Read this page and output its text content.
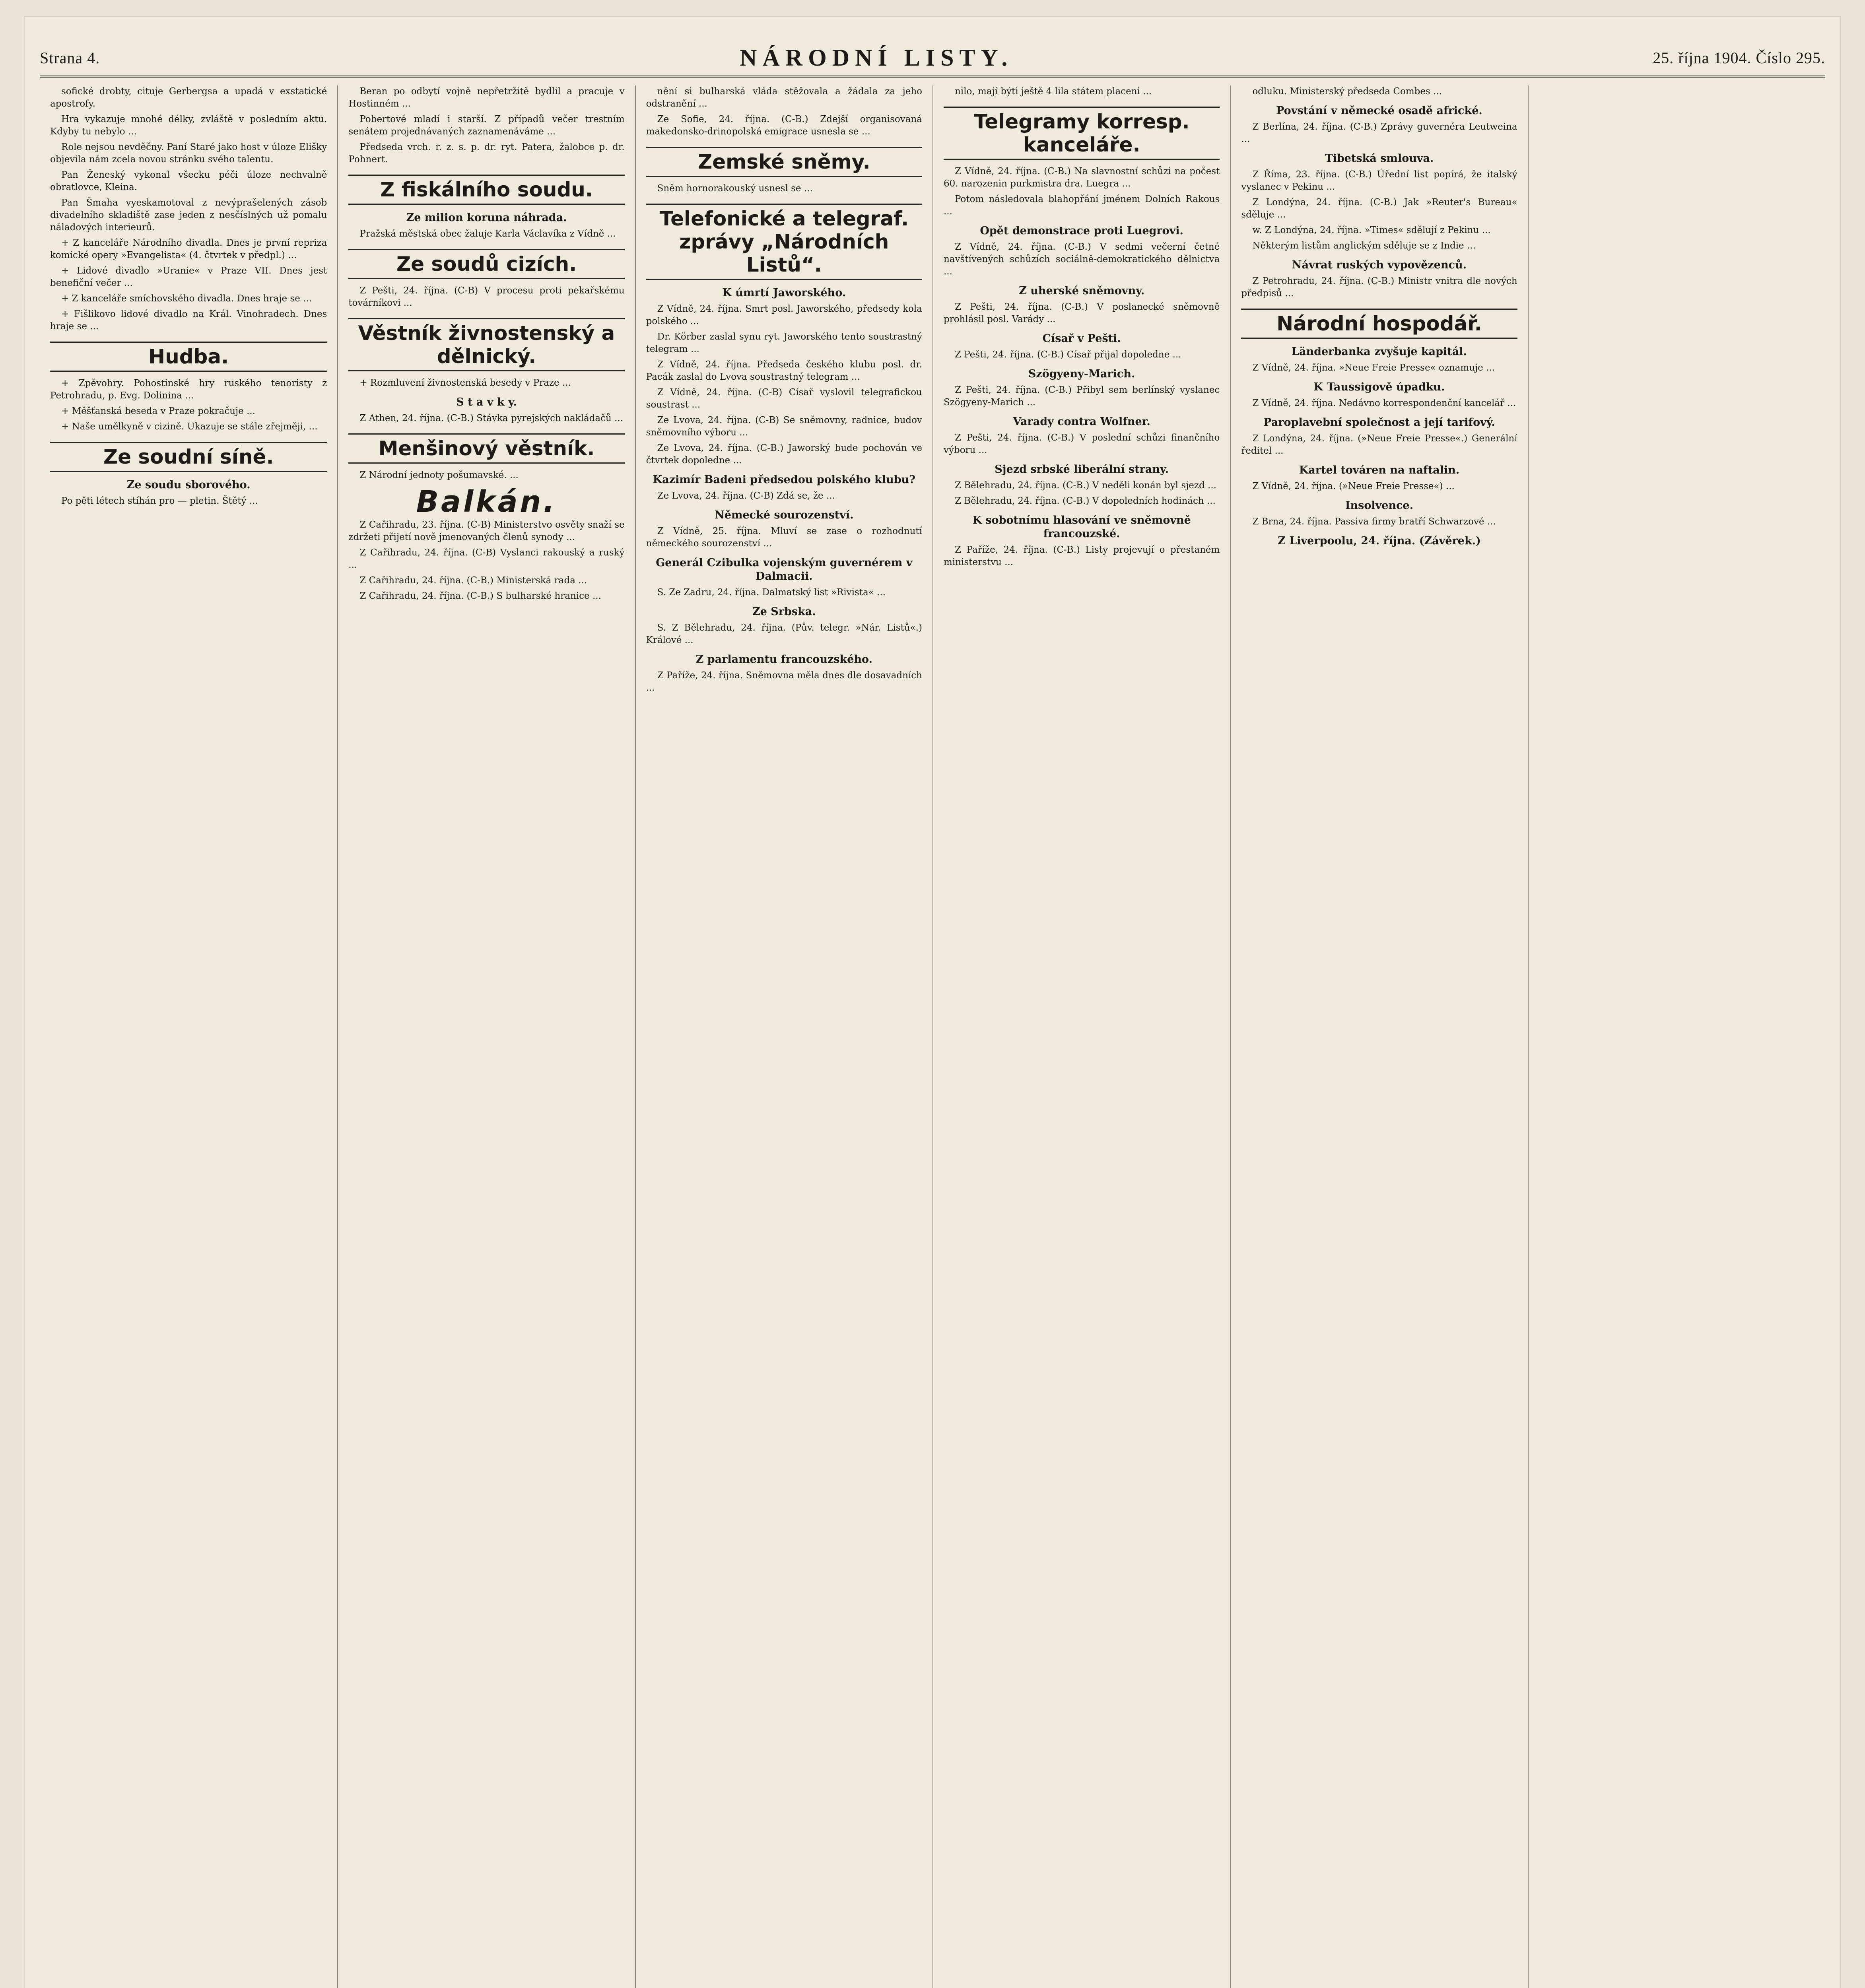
Strana 4.	NÁRODNÍ LISTY.	25. října 1904. Číslo 295.

sofické drobty, cituje Gerbergsa a upadá v exstatické apostrofy.

Hra vykazuje mnohé délky, zvláště v posledním aktu. Kdyby tu nebylo ...

Role nejsou nevděčny. Paní Staré jako host v úloze Elišky objevila nám zcela novou stránku svého talentu.

Pan Ženeský vykonal všecku péči úloze nechvalně obratlovce, Kleina.

Pan Šmaha vyeskamotoval z nevýprašelených zásob divadelního skladiště zase jeden z nesčíslných už pomalu náladových interieurů.

+ Z kanceláře Národního divadla. Dnes je první repriza komické opery »Evangelista« (4. čtvrtek v předpl.) ...

+ Lidové divadlo »Uranie« v Praze VII. Dnes jest benefiční večer ...

+ Z kanceláře smíchovského divadla. Dnes hraje se ...

+ Fišlikovo lidové divadlo na Král. Vinohradech. Dnes hraje se ...

Hudba.

+ Zpěvohry. Pohostinské hry ruského tenoristy z Petrohradu, p. Evg. Dolinina ...

+ Měšťanská beseda v Praze pokračuje ...

+ Naše umělkyně v cizině. Ukazuje se stále zřejměji, ...

Ze soudní síně.
Ze soudu sborového.

Po pěti létech stíhán pro — pletin. Štětý ...

Beran po odbytí vojně nepřetržitě bydlil a pracuje v Hostinném ...

Pobertové mladí i starší. Z případů večer trestním senátem projednávaných zaznamenáváme ...

Předseda vrch. r. z. s. p. dr. ryt. Patera, žalobce p. dr. Pohnert.

Z fiskálního soudu.
Ze milion koruna náhrada.

Pražská městská obec žaluje Karla Václavíka z Vídně ...

Ze soudů cizích.

Z Pešti, 24. října. (C-B) V procesu proti pekařskému továrníkovi ...

Věstník živnostenský a dělnický.

+ Rozmluvení živnostenská besedy v Praze ...

S t a v k y.

Z Athen, 24. října. (C-B.) Stávka pyrejských nakládačů ...

Menšinový věstník.

Z Národní jednoty pošumavské. ...

Balkán.

Z Cařihradu, 23. října. (C-B) Ministerstvo osvěty snaží se zdržeti přijetí nově jmenovaných členů synody ...

Z Cařihradu, 24. října. (C-B) Vyslanci rakouský a ruský ...

Z Cařihradu, 24. října. (C-B.) Ministerská rada ...

Z Cařihradu, 24. října. (C-B.) S bulharské hranice ...

nění si bulharská vláda stěžovala a žádala za jeho odstranění ...

Ze Sofie, 24. října. (C-B.) Zdejší organisovaná makedonsko-drinopolská emigrace usnesla se ...

Zemské sněmy.

Sněm hornorakouský usnesl se ...

Telefonické a telegraf. zprávy „Národních Listů“.
K úmrtí Jaworského.

Z Vídně, 24. října. Smrt posl. Jaworského, předsedy kola polského ...

Dr. Körber zaslal synu ryt. Jaworského tento soustrastný telegram ...

Z Vídně, 24. října. Předseda českého klubu posl. dr. Pacák zaslal do Lvova soustrastný telegram ...

Z Vídně, 24. října. (C-B) Císař vyslovil telegrafickou soustrast ...

Ze Lvova, 24. října. (C-B) Se sněmovny, radnice, budov sněmovního výboru ...

Ze Lvova, 24. října. (C-B.) Jaworský bude pochován ve čtvrtek dopoledne ...

Kazimír Badeni předsedou polského klubu?

Ze Lvova, 24. října. (C-B) Zdá se, že ...

Německé sourozenství.

Z Vídně, 25. října. Mluví se zase o rozhodnutí německého sourozenství ...

Generál Czibulka vojenským guvernérem v Dalmacii.

S. Ze Zadru, 24. října. Dalmatský list »Rivista« ...

Ze Srbska.

S. Z Bělehradu, 24. října. (Pův. telegr. »Nár. Listů«.) Králové ...

Z parlamentu francouzského.

Z Paříže, 24. října. Sněmovna měla dnes dle dosavadních ...

nilo, mají býti ještě 4 lila státem placeni ...

Telegramy korresp. kanceláře.

Z Vídně, 24. října. (C-B.) Na slavnostní schůzi na počest 60. narozenin purkmistra dra. Luegra ...

Potom následovala blahopřání jménem Dolních Rakous ...

Opět demonstrace proti Luegrovi.

Z Vídně, 24. října. (C-B.) V sedmi večerní četné navštívených schůzích sociálně-demokratického dělnictva ...

Z uherské sněmovny.

Z Pešti, 24. října. (C-B.) V poslanecké sněmovně prohlásil posl. Varády ...

Císař v Pešti.

Z Pešti, 24. října. (C-B.) Císař přijal dopoledne ...

Szögyeny-Marich.

Z Pešti, 24. října. (C-B.) Přibyl sem berlínský vyslanec Szögyeny-Marich ...

Varady contra Wolfner.

Z Pešti, 24. října. (C-B.) V poslední schůzi finančního výboru ...

Sjezd srbské liberální strany.

Z Bělehradu, 24. října. (C-B.) V neděli konán byl sjezd ...

Z Bělehradu, 24. října. (C-B.) V dopoledních hodinách ...

K sobotnímu hlasování ve sněmovně francouzské.

Z Paříže, 24. října. (C-B.) Listy projevují o přestaném ministerstvu ...

odluku. Ministerský předseda Combes ...

Povstání v německé osadě africké.

Z Berlína, 24. října. (C-B.) Zprávy guvernéra Leutweina ...

Tibetská smlouva.

Z Říma, 23. října. (C-B.) Úřední list popírá, že italský vyslanec v Pekinu ...

Z Londýna, 24. října. (C-B.) Jak »Reuter's Bureau« sděluje ...

w. Z Londýna, 24. října. »Times« sdělují z Pekinu ...

Některým listům anglickým sděluje se z Indie ...

Návrat ruských vypovězenců.

Z Petrohradu, 24. října. (C-B.) Ministr vnitra dle nových předpisů ...

Národní hospodář.
Länderbanka zvyšuje kapitál.

Z Vídně, 24. října. »Neue Freie Presse« oznamuje ...

K Taussigově úpadku.

Z Vídně, 24. října. Nedávno korrespondenční kancelář ...

Paroplavební společnost a její tarifový.

Z Londýna, 24. října. (»Neue Freie Presse«.) Generální ředitel ...

Kartel továren na naftalin.

Z Vídně, 24. října. (»Neue Freie Presse«) ...

Insolvence.

Z Brna, 24. října. Passiva firmy bratří Schwarzové ...

Z Liverpoolu, 24. října. (Závěrek.)
